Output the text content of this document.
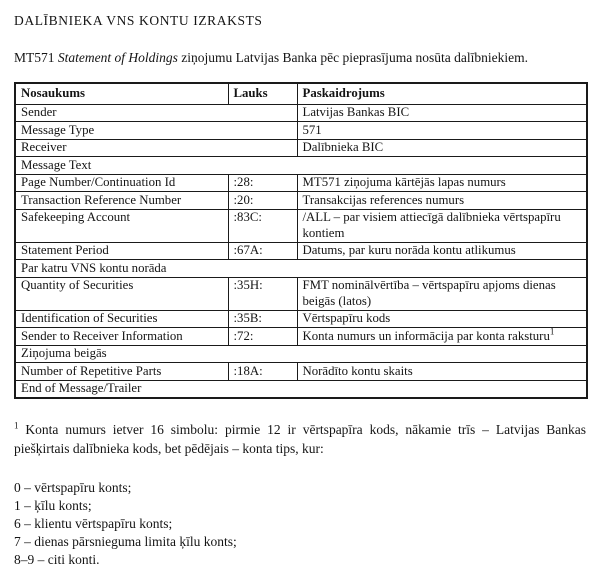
DALĪBNIEKA VNS KONTU IZRAKSTS

MT571 Statement of Holdings ziņojumu Latvijas Banka pēc pieprasījuma nosūta dalībniekiem.

Nosaukums	Lauks	Paskaidrojums
Sender		Latvijas Bankas BIC
Message Type		571
Receiver		Dalībnieka BIC
Message Text		
Page Number/Continuation Id	:28:	MT571 ziņojuma kārtējās lapas numurs
Transaction Reference Number	:20:	Transakcijas references numurs
Safekeeping Account	:83C:	/ALL – par visiem attiecīgā dalībnieka vērtspapīru kontiem
Statement Period	:67A:	Datums, par kuru norāda kontu atlikumus
Par katru VNS kontu norāda		
Quantity of Securities	:35H:	FMT nominālvērtība – vērtspapīru apjoms dienas beigās (latos)
Identification of Securities	:35B:	Vērtspapīru kods
Sender to Receiver Information	:72:	Konta numurs un informācija par konta raksturu$^1$
Ziņojuma beigās		
Number of Repetitive Parts	:18A:	Norādīto kontu skaits
End of Message/Trailer		

$^1$ Konta numurs ietver 16 simbolu: pirmie 12 ir vērtspapīra kods, nākamie trīs – Latvijas Bankas piešķirtais dalībnieka kods, bet pēdējais – konta tips, kur:

0 – vērtspapīru konts;
1 – ķīlu konts;
6 – klientu vērtspapīru konts;
7 – dienas pārsnieguma limita ķīlu konts;
8–9 – citi konti.
